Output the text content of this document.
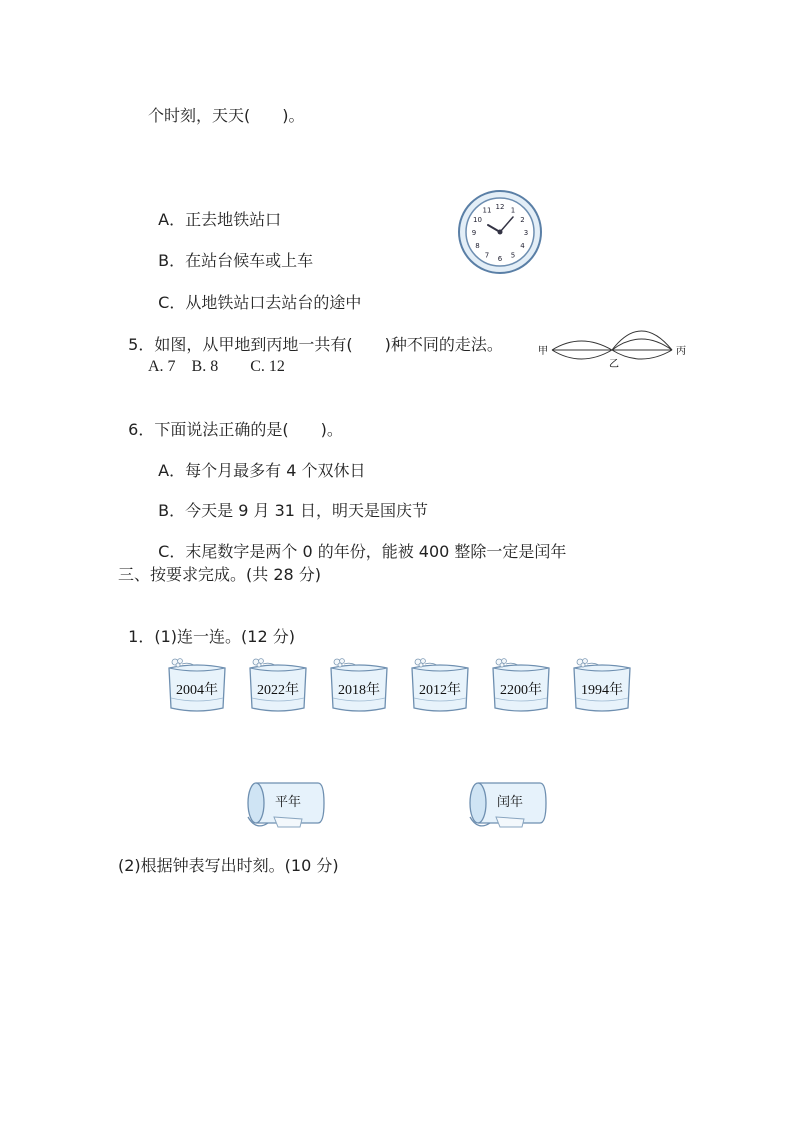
个时刻，天天(　　)。

A．正去地铁站口

B．在站台候车或上车

C．从地铁站口去站台的途中

12 1
2
3
4
5
6
7
8
9
10
11

5．如图，从甲地到丙地一共有(　　)种不同的走法。

A. 7　B. 8　　C. 12
甲
乙
丙

6．下面说法正确的是(　　)。

A．每个月最多有 4 个双休日

B．今天是 9 月 31 日，明天是国庆节

C．末尾数字是两个 0 的年份，能被 400 整除一定是闰年

三、按要求完成。(共 28 分)

1．(1)连一连。(12 分)

2004年	2022年	2018年	2012年	2200年	1994年
平年	闰年
(2)根据钟表写出时刻。(10 分)
